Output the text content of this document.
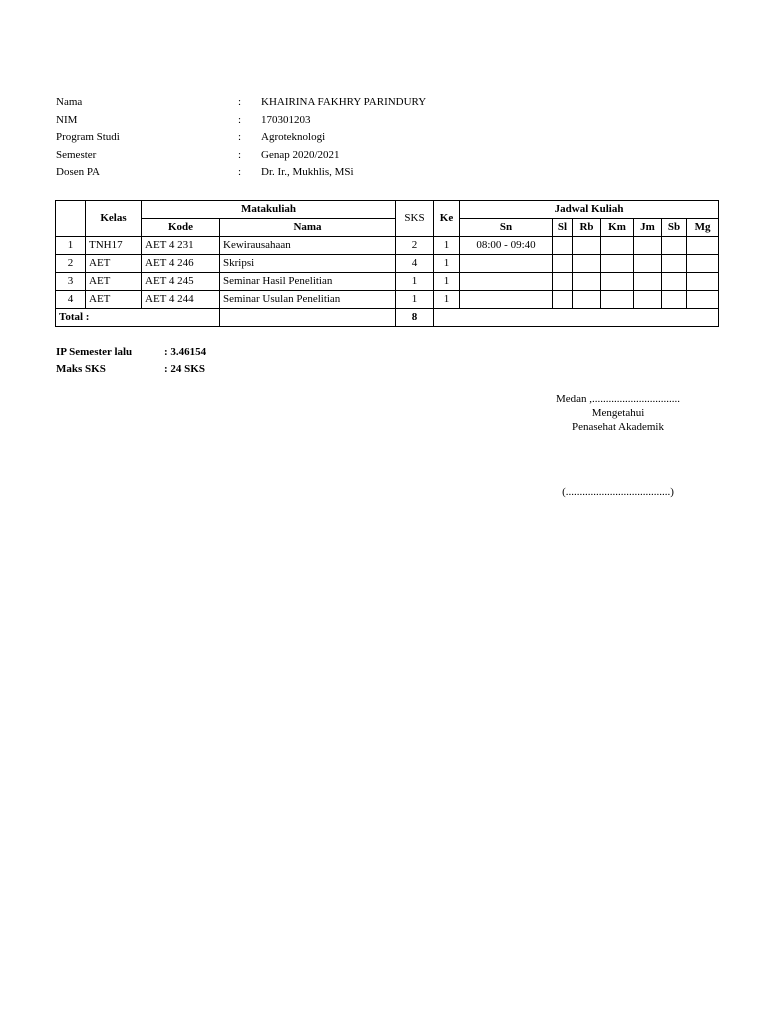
Nama	:	KHAIRINA FAKHRY PARINDURY
NIM	:	170301203
Program Studi	:	Agroteknologi
Semester	:	Genap 2020/2021
Dosen PA	:	Dr. Ir., Mukhlis, MSi
	Kelas	Matakuliah		SKS	Ke	Jadwal Kuliah						
		Kode	Nama			Sn	Sl	Rb	Km	Jm	Sb	Mg
1	TNH17	AET 4 231	Kewirausahaan	2	1	08:00 - 09:40						
2	AET	AET 4 246	Skripsi	4	1							
3	AET	AET 4 245	Seminar Hasil Penelitian	1	1							
4	AET	AET 4 244	Seminar Usulan Penelitian	1	1							
Total :				8								
IP Semester lalu	: 3.46154
Maks SKS	: 24 SKS
Medan ,................................
Mengetahui
Penasehat Akademik
(......................................)
